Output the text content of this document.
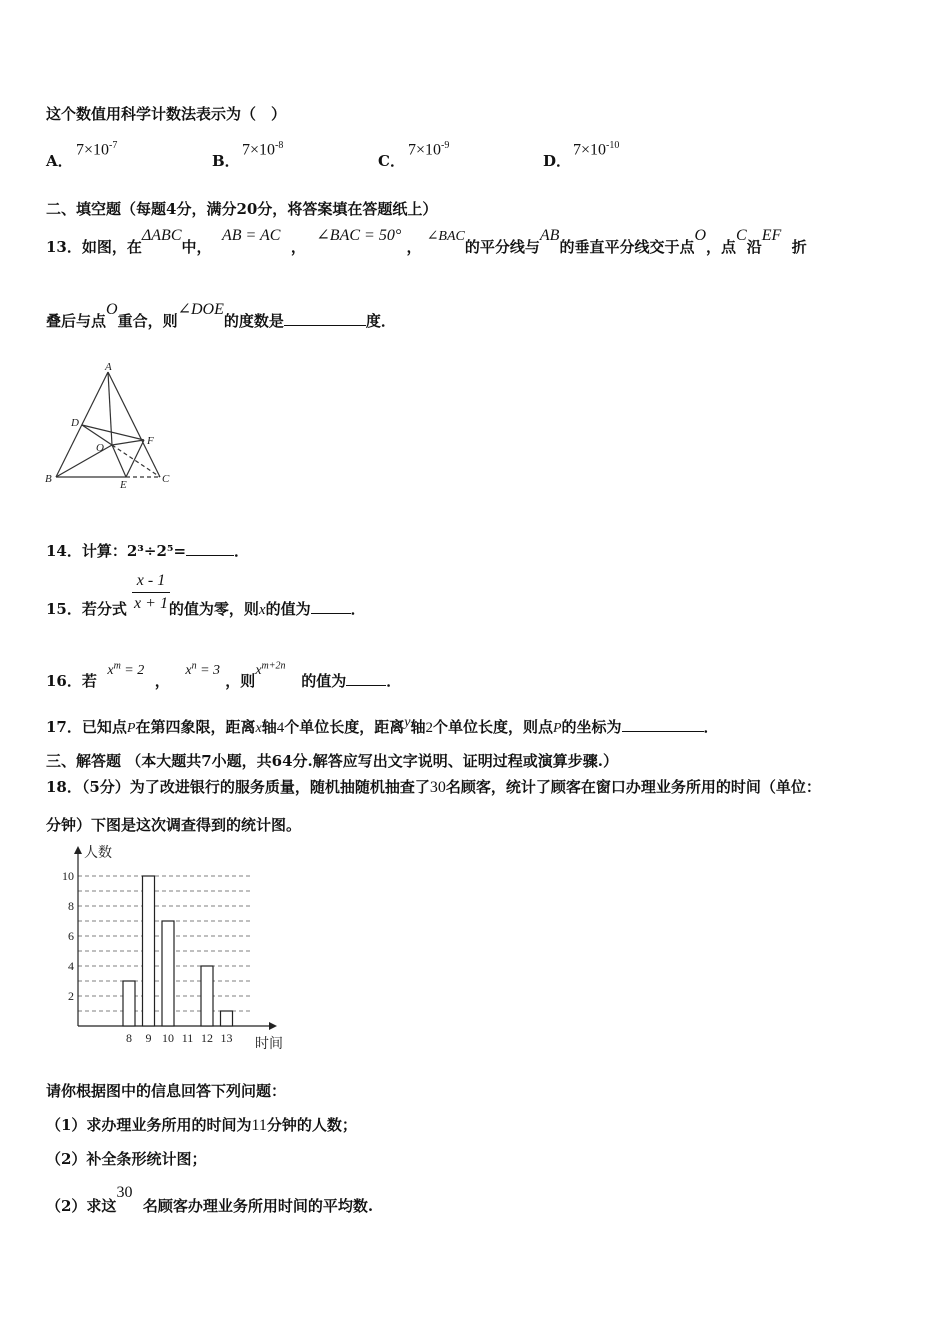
这个数值用科学计数法表示为（　）
A．
$7\times 10^{-7}$
B．
$7\times 10^{-8}$
C．
$7\times 10^{-9}$
D．
$7\times 10^{-10}$
二、填空题（每题4分，满分20分，将答案填在答题纸上）
13．如图，在ΔABC中，  AB = AC  ，  ∠BAC = 50° ， ∠BAC的平分线与AB的垂直平分线交于点O，点C沿EF  折
叠后与点O重合，则∠DOE的度数是	度．
A
D
O
F
B	E	C
14．计算：2³÷2⁵=	．
x - 1
x + 1
15．若分式	的值为零，则x的值为	．
16．若  $x^m = 2$  ，   $x^n = 3$ ，则$x^{m+2n}$   的值为	．
17．已知点P在第四象限，距离x轴4个单位长度，距离y轴2个单位长度，则点P的坐标为	．
三、解答题 （本大题共7小题，共64分.解答应写出文字说明、证明过程或演算步骤.）
18．（5分）为了改进银行的服务质量，随机抽随机抽查了30名顾客，统计了顾客在窗口办理业务所用的时间（单位：
分钟）下图是这次调查得到的统计图。
人数
时间
2
4
6
8
10
8 9 10 11 12 13
请你根据图中的信息回答下列问题：
（1）求办理业务所用的时间为11分钟的人数；
（2）补全条形统计图；
（2）求这30  名顾客办理业务所用时间的平均数.
